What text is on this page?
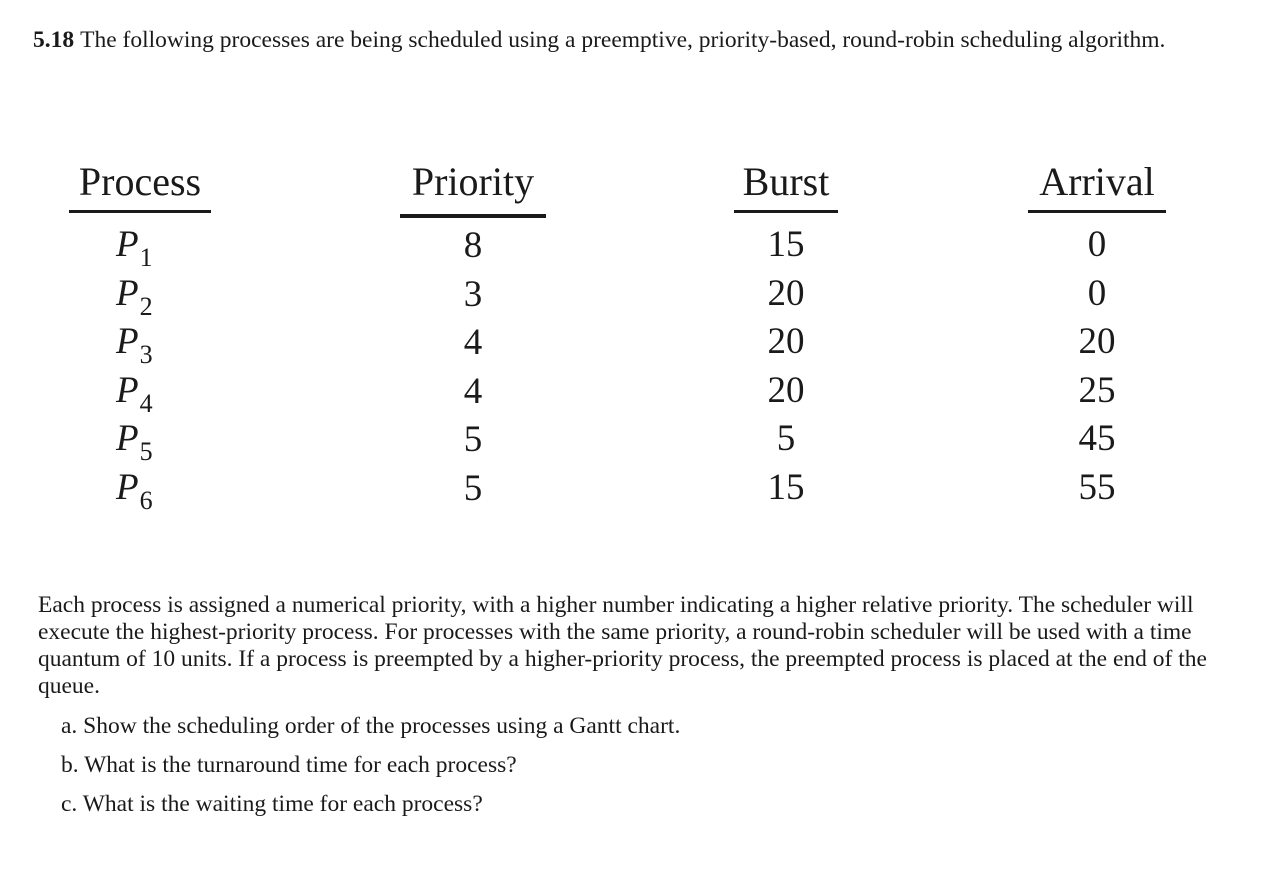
5.18 The following processes are being scheduled using a preemptive, priority-based, round-robin scheduling algorithm.
Process
$P_1$
$P_2$
$P_3$
$P_4$
$P_5$
$P_6$
Priority
8
3
4
4
5
5
Burst
15
20
20
20
5
15
Arrival
0
0
20
25
45
55
Each process is assigned a numerical priority, with a higher number indicating a higher relative priority. The scheduler will execute the highest-priority process. For processes with the same priority, a round-robin scheduler will be used with a time quantum of 10 units. If a process is preempted by a higher-priority process, the preempted process is placed at the end of the queue.
a. Show the scheduling order of the processes using a Gantt chart.
b. What is the turnaround time for each process?
c. What is the waiting time for each process?
